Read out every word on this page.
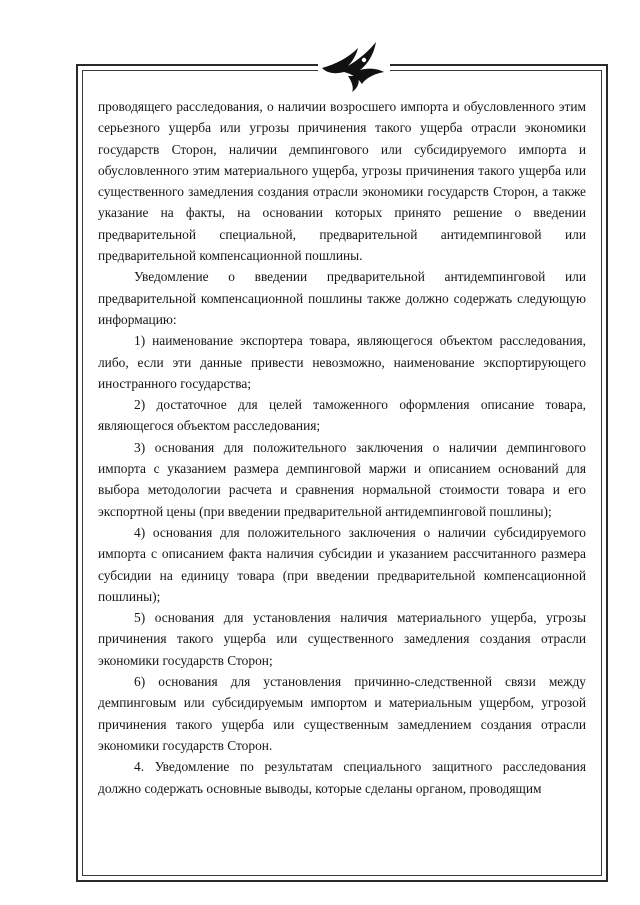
проводящего расследования, о наличии возросшего импорта и обусловленного этим серьезного ущерба или угрозы причинения такого ущерба отрасли экономики государств Сторон, наличии демпингового или субсидируемого импорта и обусловленного этим материального ущерба, угрозы причинения такого ущерба или существенного замедления создания отрасли экономики государств Сторон, а также указание на факты, на основании которых принято решение о введении предварительной специальной, предварительной антидемпинговой или предварительной компенсационной пошлины.

Уведомление о введении предварительной антидемпинговой или предварительной компенсационной пошлины также должно содержать следующую информацию:

1) наименование экспортера товара, являющегося объектом расследования, либо, если эти данные привести невозможно, наименование экспортирующего иностранного государства;

2) достаточное для целей таможенного оформления описание товара, являющегося объектом расследования;

3) основания для положительного заключения о наличии демпингового импорта с указанием размера демпинговой маржи и описанием оснований для выбора методологии расчета и сравнения нормальной стоимости товара и его экспортной цены (при введении предварительной антидемпинговой пошлины);

4) основания для положительного заключения о наличии субсидируемого импорта с описанием факта наличия субсидии и указанием рассчитанного размера субсидии на единицу товара (при введении предварительной компенсационной пошлины);

5) основания для установления наличия материального ущерба, угрозы причинения такого ущерба или существенного замедления создания отрасли экономики государств Сторон;

6) основания для установления причинно-следственной связи между демпинговым или субсидируемым импортом и материальным ущербом, угрозой причинения такого ущерба или существенным замедлением создания отрасли экономики государств Сторон.

4. Уведомление по результатам специального защитного расследования должно содержать основные выводы, которые сделаны органом, проводящим
